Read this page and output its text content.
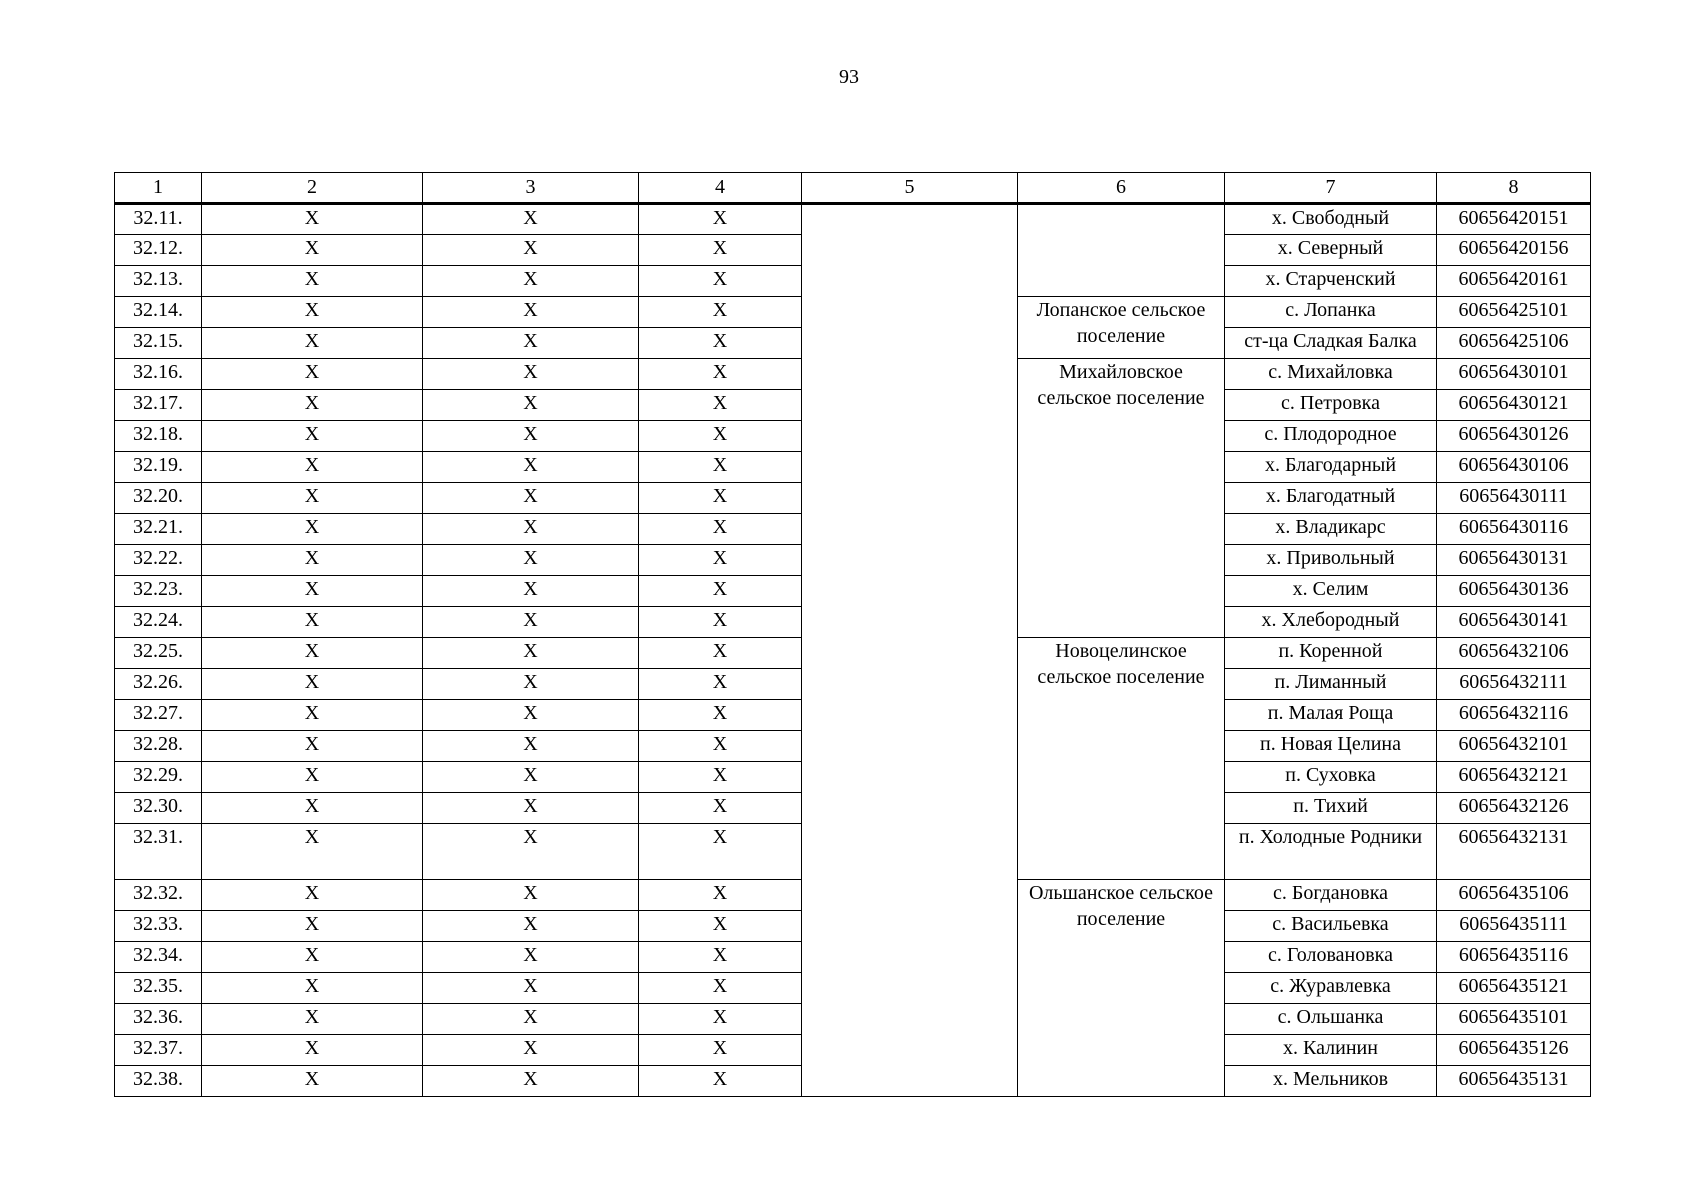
93
1	2	3	4	5	6	7	8
32.11.	X	X	X			х. Свободный	60656420151
32.12.	X	X	X			х. Северный	60656420156
32.13.	X	X	X			х. Старченский	60656420161
32.14.	X	X	X		Лопанское сельское поселение	с. Лопанка	60656425101
32.15.	X	X	X			ст-ца Сладкая Балка	60656425106
32.16.	X	X	X		Михайловское сельское поселение	с. Михайловка	60656430101
32.17.	X	X	X			с. Петровка	60656430121
32.18.	X	X	X			с. Плодородное	60656430126
32.19.	X	X	X			х. Благодарный	60656430106
32.20.	X	X	X			х. Благодатный	60656430111
32.21.	X	X	X			х. Владикарс	60656430116
32.22.	X	X	X			х. Привольный	60656430131
32.23.	X	X	X			х. Селим	60656430136
32.24.	X	X	X			х. Хлебородный	60656430141
32.25.	X	X	X		Новоцелинское сельское поселение	п. Коренной	60656432106
32.26.	X	X	X			п. Лиманный	60656432111
32.27.	X	X	X			п. Малая Роща	60656432116
32.28.	X	X	X			п. Новая Целина	60656432101
32.29.	X	X	X			п. Суховка	60656432121
32.30.	X	X	X			п. Тихий	60656432126
32.31.	X	X	X			п. Холодные Родники	60656432131
32.32.	X	X	X		Ольшанское сельское поселение	с. Богдановка	60656435106
32.33.	X	X	X			с. Васильевка	60656435111
32.34.	X	X	X			с. Головановка	60656435116
32.35.	X	X	X			с. Журавлевка	60656435121
32.36.	X	X	X			с. Ольшанка	60656435101
32.37.	X	X	X			х. Калинин	60656435126
32.38.	X	X	X			х. Мельников	60656435131
